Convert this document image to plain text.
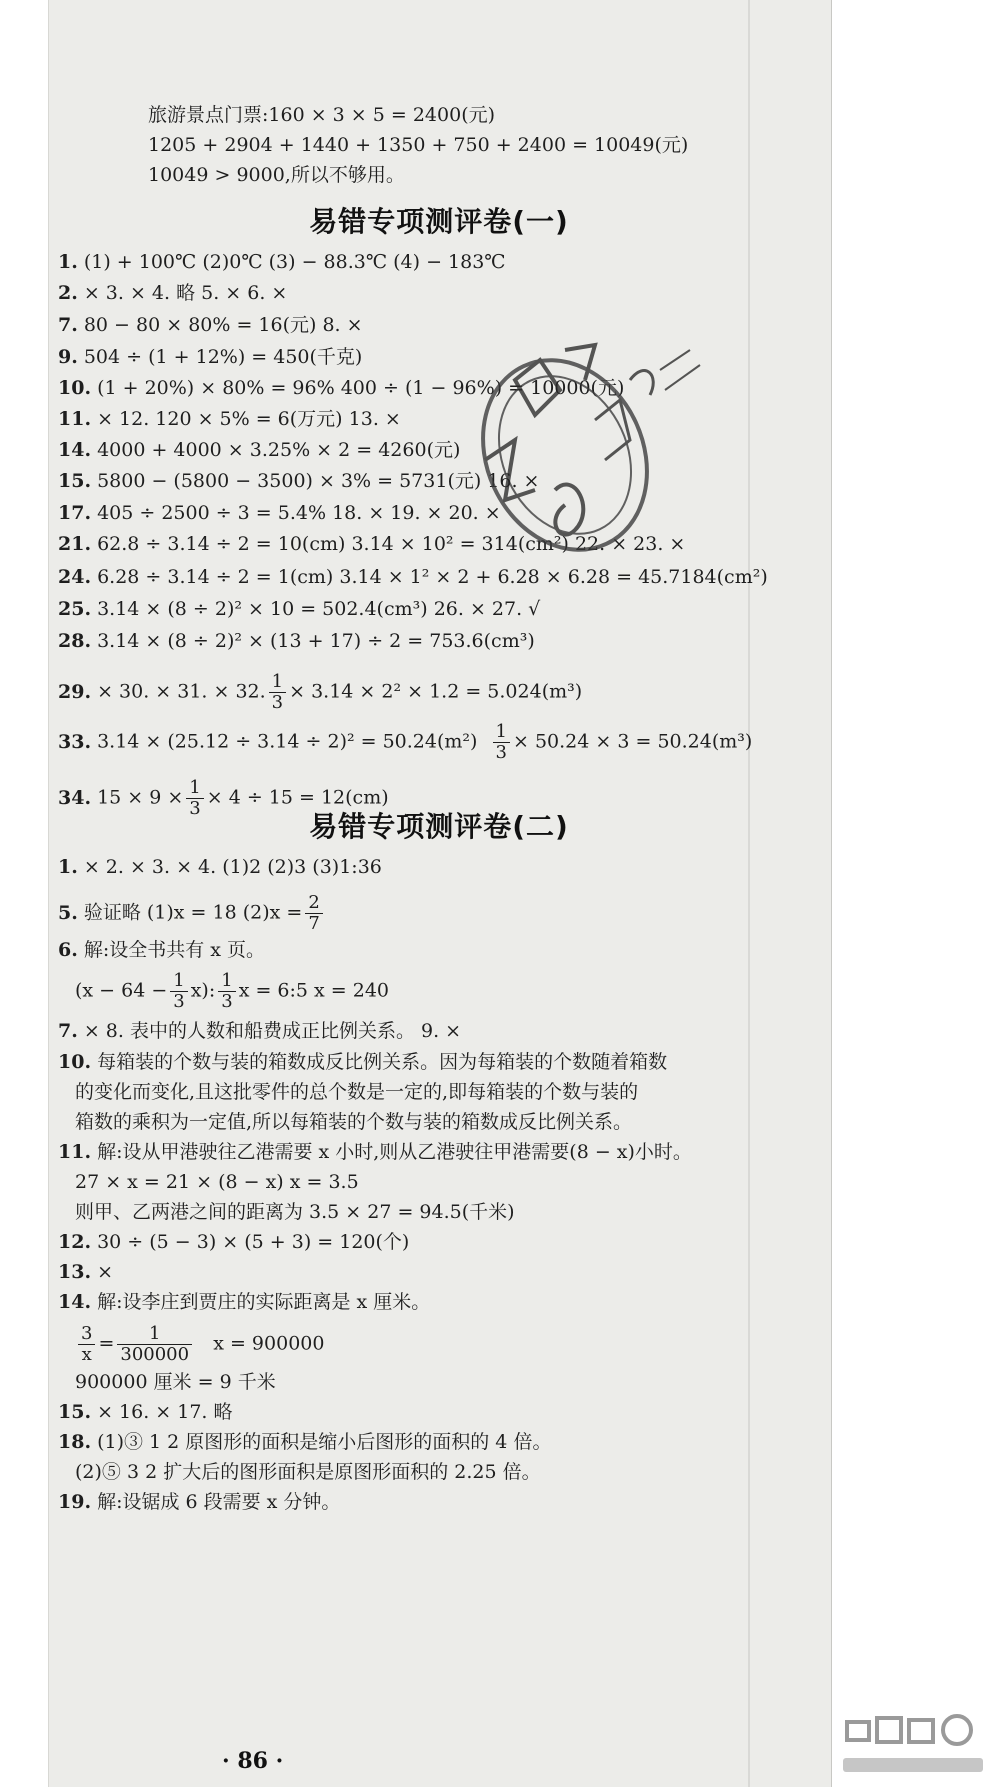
旅游景点门票:160 × 3 × 5 = 2400(元)
1205 + 2904 + 1440 + 1350 + 750 + 2400 = 10049(元)
10049 > 9000,所以不够用。
易错专项测评卷(一)
1. (1) + 100℃ (2)0℃ (3) − 88.3℃ (4) − 183℃
2. × 3. × 4. 略 5. × 6. ×
7. 80 − 80 × 80% = 16(元) 8. ×
9. 504 ÷ (1 + 12%) = 450(千克)
10. (1 + 20%) × 80% = 96% 400 ÷ (1 − 96%) = 10000(元)
11. × 12. 120 × 5% = 6(万元) 13. ×
14. 4000 + 4000 × 3.25% × 2 = 4260(元)
15. 5800 − (5800 − 3500) × 3% = 5731(元) 16. ×
17. 405 ÷ 2500 ÷ 3 = 5.4% 18. × 19. × 20. ×
21. 62.8 ÷ 3.14 ÷ 2 = 10(cm) 3.14 × 10² = 314(cm²) 22. × 23. ×
24. 6.28 ÷ 3.14 ÷ 2 = 1(cm) 3.14 × 1² × 2 + 6.28 × 6.28 = 45.7184(cm²)
25. 3.14 × (8 ÷ 2)² × 10 = 502.4(cm³) 26. × 27. √
28. 3.14 × (8 ÷ 2)² × (13 + 17) ÷ 2 = 753.6(cm³)
29. × 30. × 31. × 32. $\frac{1}{3} \times 3.14 \times 2^2 \times 1.2 = 5.024(m^3)$
33. $3.14 \times (25.12 \div 3.14 \div 2)^2 = 50.24(m^2) \frac{1}{3} \times 50.24 \times 3 = 50.24(m^3)$
34. $15 \times 9 \times \frac{1}{3} \times 4 \div 15 = 12(cm)$
易错专项测评卷(二)
1. × 2. × 3. × 4. (1)2 (2)3 (3)1:36
5. 验证略 (1)x = 18 $(2)x = \frac{2}{7}$
6. 解:设全书共有 x 页。
$(x - 64 - \frac{1}{3} x)$: $\frac{1}{3}$ x = 6:5 x = 240
7. × 8. 表中的人数和船费成正比例关系。 9. ×
10. 每箱装的个数与装的箱数成反比例关系。因为每箱装的个数随着箱数
的变化而变化,且这批零件的总个数是一定的,即每箱装的个数与装的
箱数的乘积为一定值,所以每箱装的个数与装的箱数成反比例关系。
11. 解:设从甲港驶往乙港需要 x 小时,则从乙港驶往甲港需要(8 − x)小时。
27 × x = 21 × (8 − x) x = 3.5
则甲、乙两港之间的距离为 3.5 × 27 = 94.5(千米)
12. 30 ÷ (5 − 3) × (5 + 3) = 120(个)
13. ×
14. 解:设李庄到贾庄的实际距离是 x 厘米。
$\frac{3}{x} = \frac{1}{300000}$ x = 900000
900000 厘米 = 9 千米
15. × 16. × 17. 略
18. (1)③ 1 2 原图形的面积是缩小后图形的面积的 4 倍。
(2)⑤ 3 2 扩大后的图形面积是原图形面积的 2.25 倍。
19. 解:设锯成 6 段需要 x 分钟。
· 86 ·
